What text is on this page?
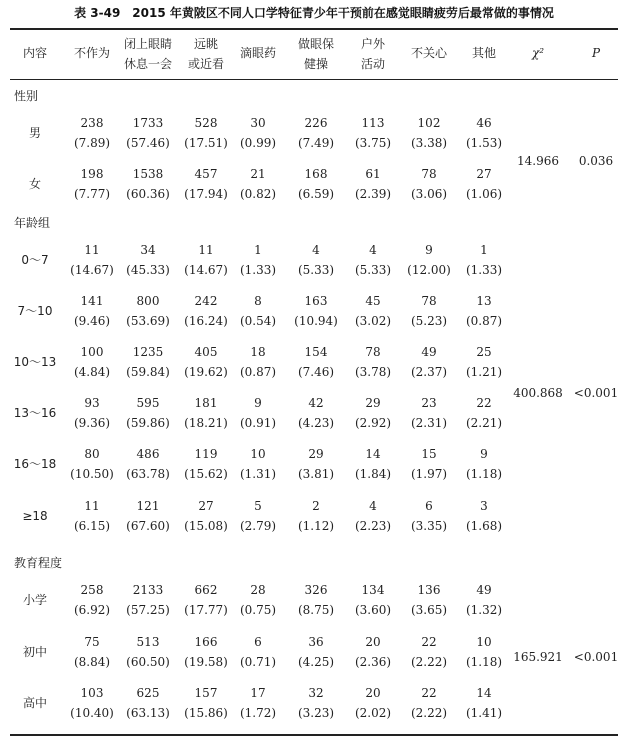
表 3-49　2015 年黄陂区不同人口学特征青少年干预前在感觉眼睛疲劳后最常做的事情况
内容 不作为
闭上眼睛
休息一会
远眺
或近看
滴眼药
做眼保
健操
户外
活动
不关心 其他	χ²	P
性别
男
238
(7.89)
1733
(57.46)
528
(17.51)
30
(0.99)
226
(7.49)
113
(3.75)
102
(3.38)
46
(1.53)
女
198
(7.77)
1538
(60.36)
457
(17.94)
21
(0.82)
168
(6.59)
61
(2.39)
78
(3.06)
27
(1.06)
14.966 0.036
年龄组
0～7
11
(14.67)
34
(45.33)
11
(14.67)
1
(1.33)
4
(5.33)
4
(5.33)
9
(12.00)
1
(1.33)
7～10
141
(9.46)
800
(53.69)
242
(16.24)
8
(0.54)
163
(10.94)
45
(3.02)
78
(5.23)
13
(0.87)
10～13
100
(4.84)
1235
(59.84)
405
(19.62)
18
(0.87)
154
(7.46)
78
(3.78)
49
(2.37)
25
(1.21)
13～16
93
(9.36)
595
(59.86)
181
(18.21)
9
(0.91)
42
(4.23)
29
(2.92)
23
(2.31)
22
(2.21)
16～18
80
(10.50)
486
(63.78)
119
(15.62)
10
(1.31)
29
(3.81)
14
(1.84)
15
(1.97)
9
(1.18)
≥18
11
(6.15)
121
(67.60)
27
(15.08)
5
(2.79)
2
(1.12)
4
(2.23)
6
(3.35)
3
(1.68)
400.868 <0.001
教育程度
小学
258
(6.92)
2133
(57.25)
662
(17.77)
28
(0.75)
326
(8.75)
134
(3.60)
136
(3.65)
49
(1.32)
初中
75
(8.84)
513
(60.50)
166
(19.58)
6
(0.71)
36
(4.25)
20
(2.36)
22
(2.22)
10
(1.18)
高中
103
(10.40)
625
(63.13)
157
(15.86)
17
(1.72)
32
(3.23)
20
(2.02)
22
(2.22)
14
(1.41)
165.921 <0.001
